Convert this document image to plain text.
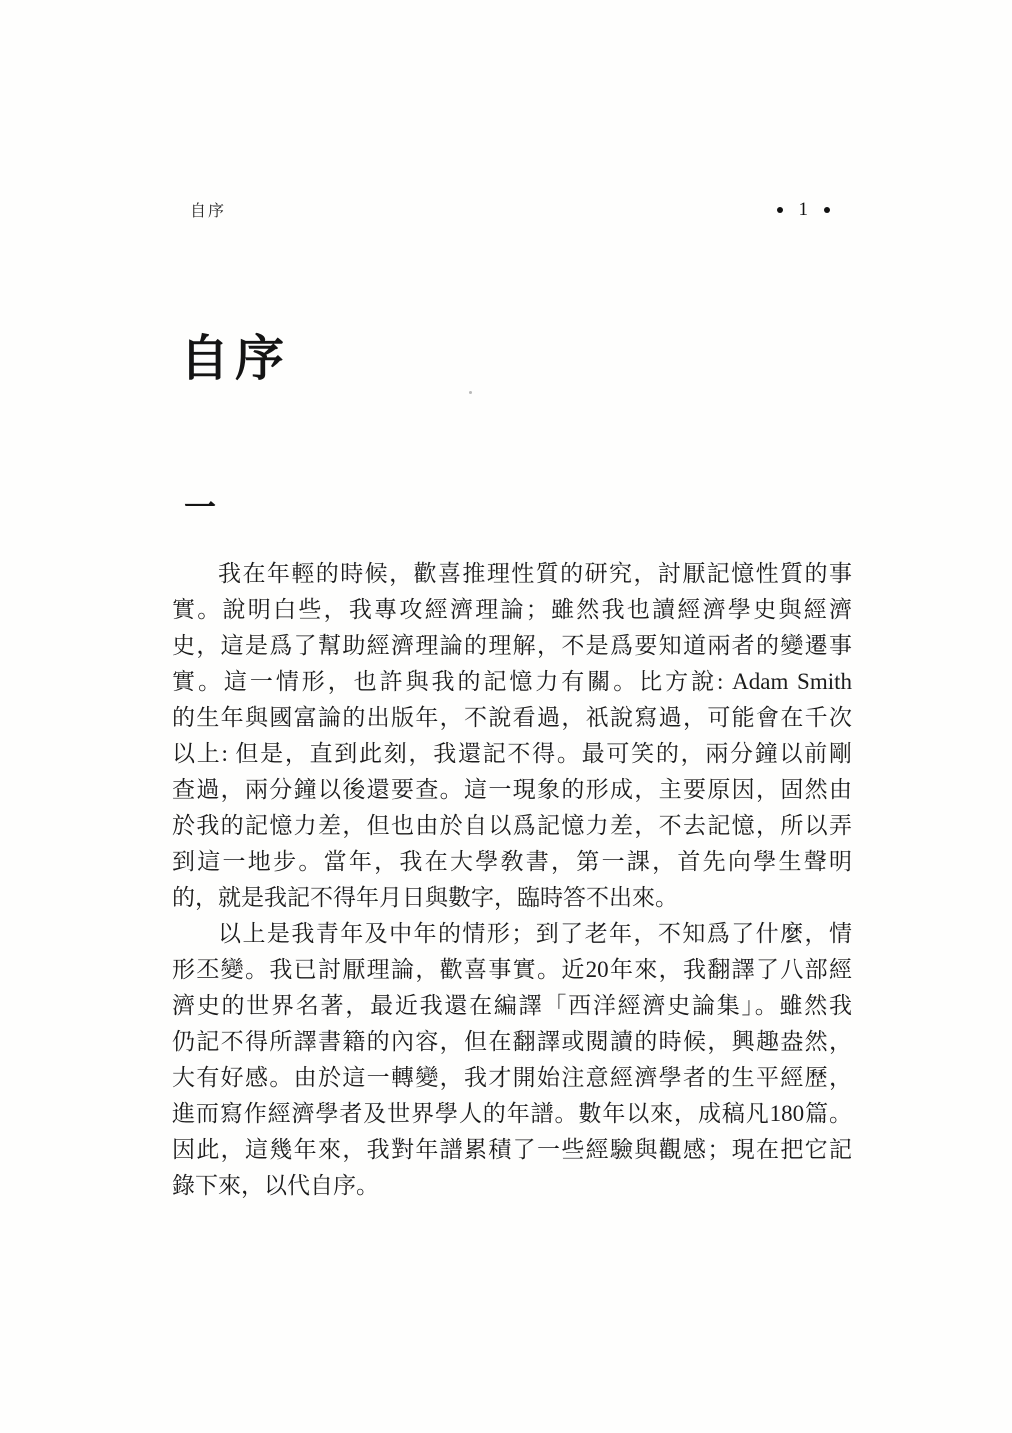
自序	1
自序
一
我在年輕的時候，歡喜推理性質的研究，討厭記憶性質的事
實。說明白些，我專攻經濟理論；雖然我也讀經濟學史與經濟
史，這是爲了幫助經濟理論的理解，不是爲要知道兩者的變遷事
實。這一情形，也許與我的記憶力有關。比方說: Adam Smith
的生年與國富論的出版年，不說看過，祇說寫過，可能會在千次
以上: 但是，直到此刻，我還記不得。最可笑的，兩分鐘以前剛
查過，兩分鐘以後還要查。這一現象的形成，主要原因，固然由
於我的記憶力差，但也由於自以爲記憶力差，不去記憶，所以弄
到這一地步。當年，我在大學敎書，第一課，首先向學生聲明
的，就是我記不得年月日與數字，臨時答不出來。
以上是我青年及中年的情形；到了老年，不知爲了什麼，情
形丕變。我已討厭理論，歡喜事實。近20年來，我翻譯了八部經
濟史的世界名著，最近我還在編譯「西洋經濟史論集」。雖然我
仍記不得所譯書籍的內容，但在翻譯或閱讀的時候，興趣盎然，
大有好感。由於這一轉變，我才開始注意經濟學者的生平經歷，
進而寫作經濟學者及世界學人的年譜。數年以來，成稿凡180篇。
因此，這幾年來，我對年譜累積了一些經驗與觀感；現在把它記
錄下來，以代自序。
